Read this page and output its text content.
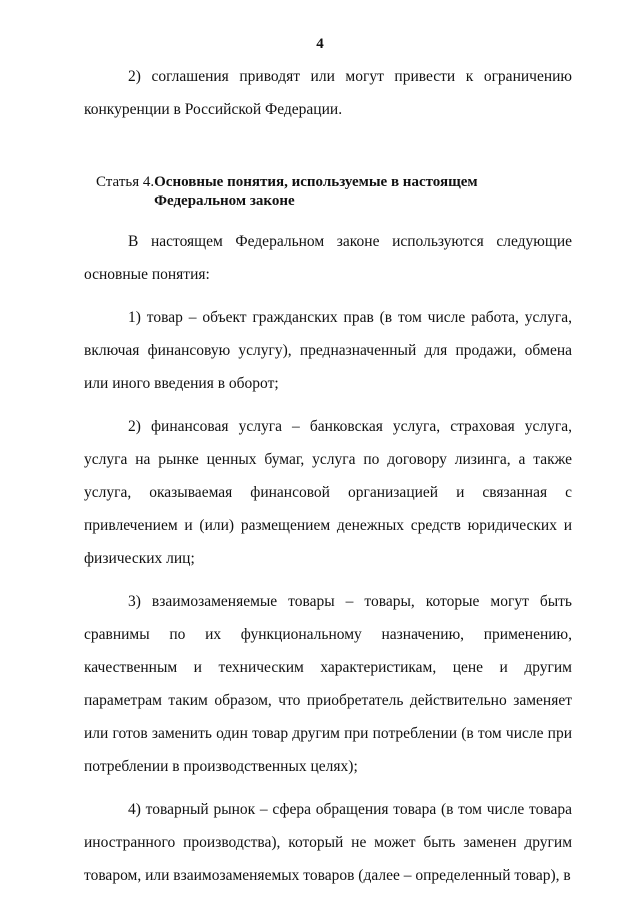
4

2) соглашения приводят или могут привести к ограничению конкуренции в Российской Федерации.

Статья 4. Основные понятия, используемые в настоящем Федеральном законе

В настоящем Федеральном законе используются следующие основные понятия:

1) товар – объект гражданских прав (в том числе работа, услуга, включая финансовую услугу), предназначенный для продажи, обмена или иного введения в оборот;

2) финансовая услуга – банковская услуга, страховая услуга, услуга на рынке ценных бумаг, услуга по договору лизинга, а также услуга, оказываемая финансовой организацией и связанная с привлечением и (или) размещением денежных средств юридических и физических лиц;

3) взаимозаменяемые товары – товары, которые могут быть сравнимы по их функциональному назначению, применению, качественным и техническим характеристикам, цене и другим параметрам таким образом, что приобретатель действительно заменяет или готов заменить один товар другим при потреблении (в том числе при потреблении в производственных целях);

4) товарный рынок – сфера обращения товара (в том числе товара иностранного производства), который не может быть заменен другим товаром, или взаимозаменяемых товаров (далее – определенный товар), в
